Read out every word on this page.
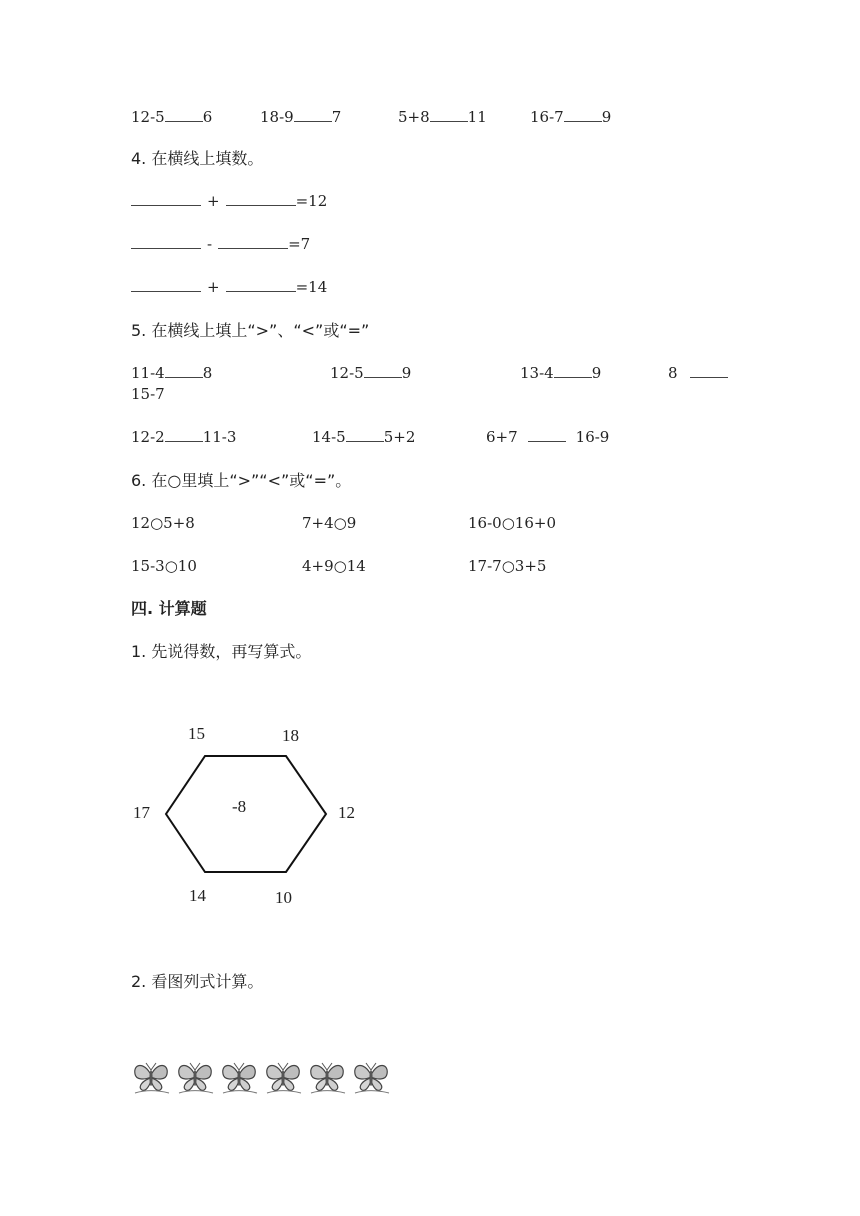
12-5	6	18-9	7	5+8	11	16-7	9
4. 在横线上填数。
+	=12
-	=7
+	=14
5. 在横线上填上“>”、“<”或“=”
11-4	8	12-5	9	13-4	9	8
15-7
12-2	11-3	14-5	5+2	6+7	16-9
6. 在○里填上“>”“<”或“=”。
12○5+8	7+4○9	16-0○16+0
15-3○10	4+9○14	17-7○3+5
四. 计算题
1. 先说得数，再写算式。
15	18
17	12
14	10
-8
2. 看图列式计算。
